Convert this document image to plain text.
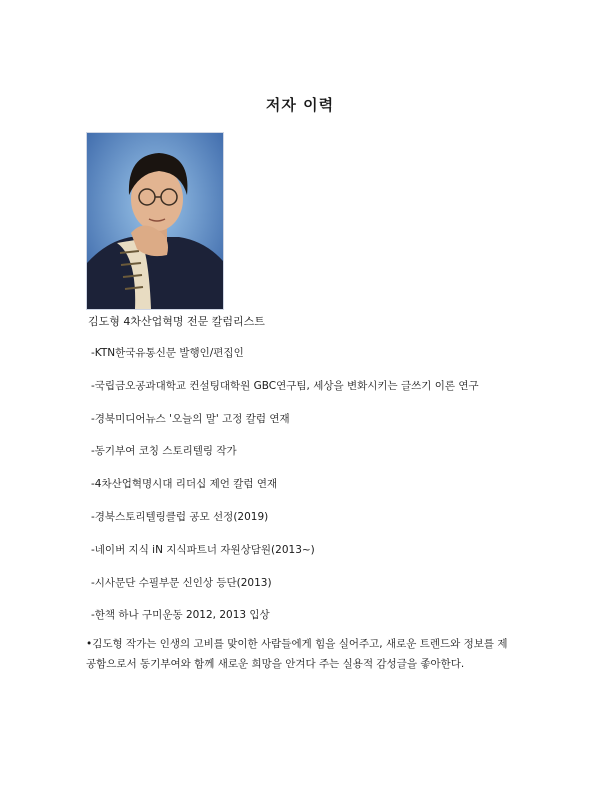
저자 이력
김도형 4차산업혁명 전문 칼럼리스트
-KTN한국유통신문 발행인/편집인
-국립금오공과대학교 컨설팅대학원 GBC연구팀, 세상을 변화시키는 글쓰기 이론 연구
-경북미디어뉴스 '오늘의 말' 고정 칼럼 연재
-동기부여 코칭 스토리텔링 작가
-4차산업혁명시대 리더십 제언 칼럼 연재
-경북스토리텔링클럽 공모 선정(2019)
-네이버 지식 iN 지식파트너 자원상담원(2013~)
-시사문단 수필부문 신인상 등단(2013)
-한책 하나 구미운동 2012, 2013 입상
•김도형 작가는 인생의 고비를 맞이한 사람들에게 힘을 실어주고, 새로운 트렌드와 정보를 제
공함으로서 동기부여와 함께 새로운 희망을 안겨다 주는 실용적 감성글을 좋아한다.
